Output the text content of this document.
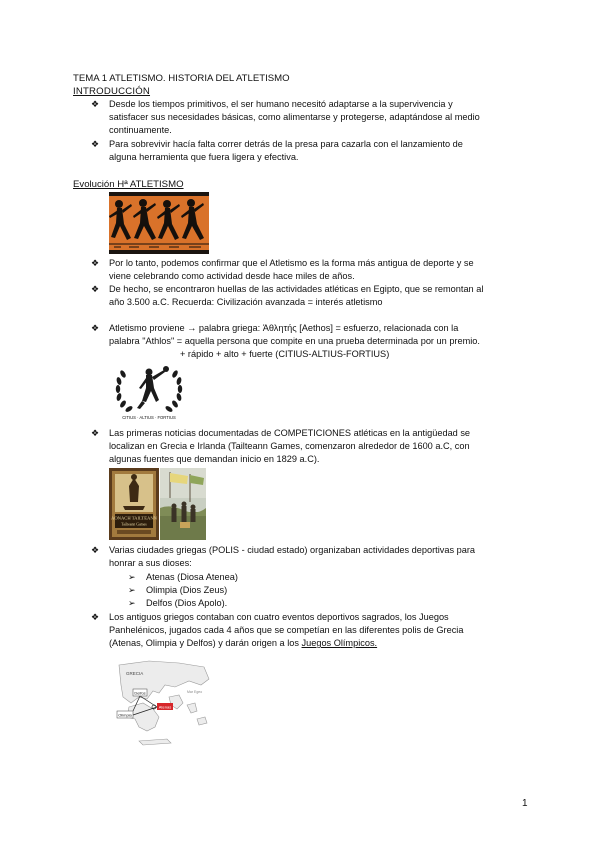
TEMA 1 ATLETISMO. HISTORIA DEL ATLETISMO
INTRODUCCIÓN
❖ Desde los tiempos primitivos, el ser humano necesitó adaptarse a la supervivencia y
satisfacer sus necesidades básicas, como alimentarse y protegerse, adaptándose al medio
continuamente.
❖ Para sobrevivir hacía falta correr detrás de la presa para cazarla con el lanzamiento de
alguna herramienta que fuera ligera y efectiva.
Evolución Hª ATLETISMO
❖ Por lo tanto, podemos confirmar que el Atletismo es la forma más antigua de deporte y se
viene celebrando como actividad desde hace miles de años.
❖ De hecho, se encontraron huellas de las actividades atléticas en Egipto, que se remontan al
año 3.500 a.C. Recuerda: Civilización avanzada = interés atletismo
❖ Atletismo proviene → palabra griega: Άθλητής [Aethos] = esfuerzo, relacionada con la
palabra "Athlos" = aquella persona que compite en una prueba determinada por un premio.
+ rápido + alto + fuerte (CITIUS-ALTIUS-FORTIUS)
CITIUS · ALTIUS · FORTIUS
❖ Las primeras noticias documentadas de COMPETICIONES atléticas en la antigüedad se
localizan en Grecia e Irlanda (Tailteann Games, comenzaron alrededor de 1600 a.C, con
algunas fuentes que demandan inicio en 1829 a.C).
AONACH TAILTEANN
Tailteann Games
❖ Varias ciudades griegas (POLIS - ciudad estado) organizaban actividades deportivas para
honrar a sus dioses:
➢ Atenas (Diosa Atenea)
➢ Olimpia (Dios Zeus)
➢ Delfos (Dios Apolo).
❖ Los antiguos griegos contaban con cuatro eventos deportivos sagrados, los Juegos
Panhelénicos, jugados cada 4 años que se competían en las diferentes polis de Grecia
(Atenas, Olimpia y Delfos) y darán origen a los Juegos Olímpicos.
GRECIA
Delfos
Olimpia
Atenas
Mar Egeo
1
